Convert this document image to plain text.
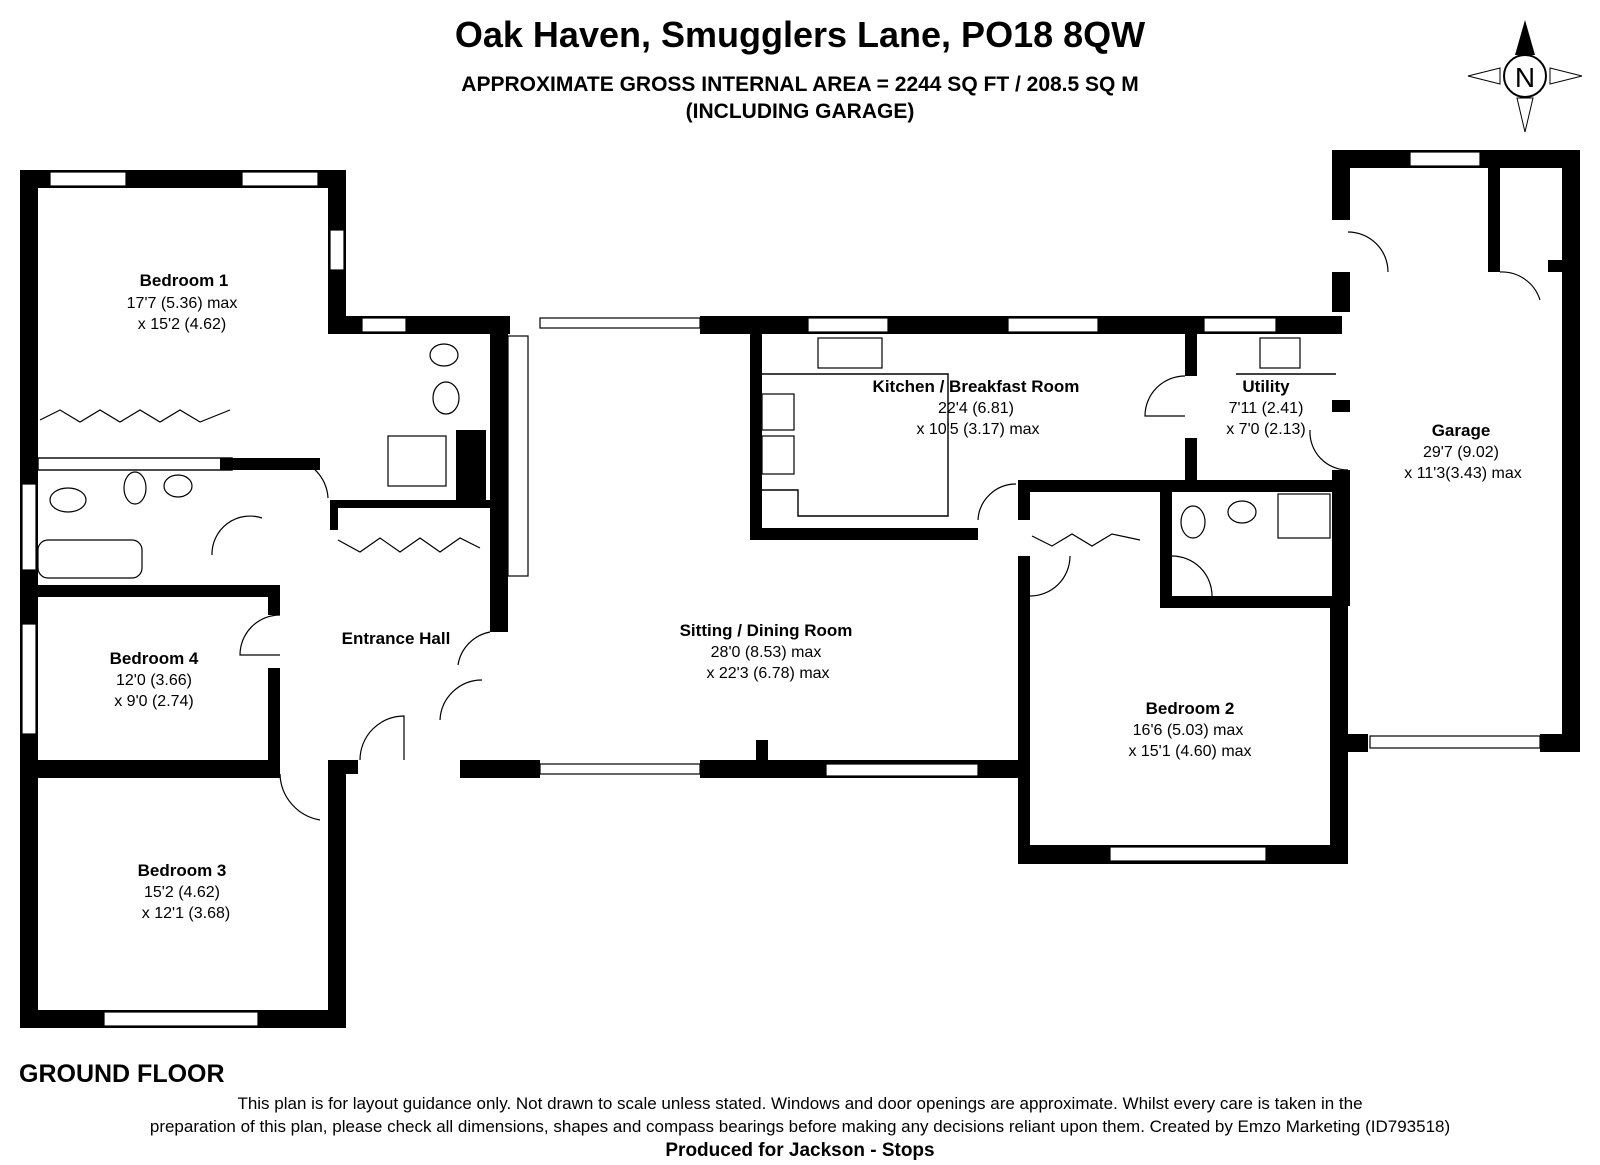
Oak Haven, Smugglers Lane, PO18 8QW
APPROXIMATE GROSS INTERNAL AREA = 2244 SQ FT / 208.5 SQ M
(INCLUDING GARAGE)
N
Bedroom 1
17'7 (5.36) max
x 15'2 (4.62)
Bedroom 4
12'0 (3.66)
x 9'0 (2.74)
Bedroom 3
15'2 (4.62)
x 12'1 (3.68)
Entrance Hall	Sitting / Dining Room
28'0 (8.53) max
x 22'3 (6.78) max
Kitchen / Breakfast Room
22'4 (6.81)
x 10'5 (3.17) max
Utility
7'11 (2.41)
x 7'0 (2.13)	Garage
29'7 (9.02)
x 11'3(3.43) max
Bedroom 2
16'6 (5.03) max
x 15'1 (4.60) max
GROUND FLOOR
This plan is for layout guidance only. Not drawn to scale unless stated. Windows and door openings are approximate. Whilst every care is taken in the
preparation of this plan, please check all dimensions, shapes and compass bearings before making any decisions reliant upon them. Created by Emzo Marketing (ID793518)
Produced for Jackson - Stops
